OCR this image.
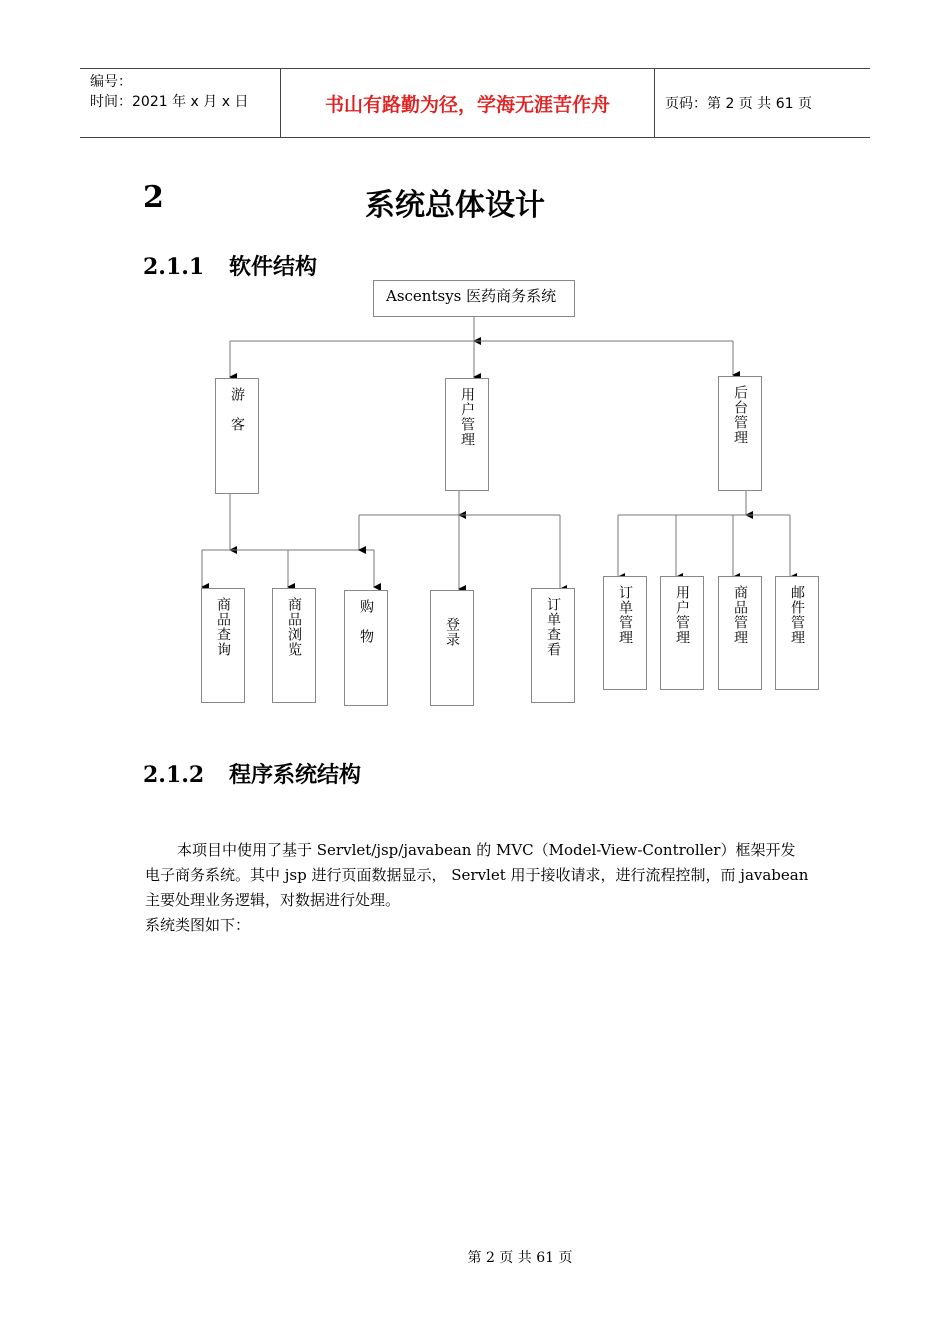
编号：
时间：2021 年 x 月 x 日	书山有路勤为径，学海无涯苦作舟	页码：第 2 页 共 61 页
2	系统总体设计
2.1.1 软件结构
Ascentsys 医药商务系统
游　客	用户管理	后台管理
商品查询	商品浏览	购　物	登录	订单查看	订单管理	用户管理	商品管理	邮件管理
2.1.2 程序系统结构

本项目中使用了基于 Servlet/jsp/javabean 的 MVC（Model-View-Controller）框架开发电子商务系统。其中 jsp 进行页面数据显示， Servlet 用于接收请求，进行流程控制，而 javabean 主要处理业务逻辑，对数据进行处理。

系统类图如下：

第 2 页 共 61 页
